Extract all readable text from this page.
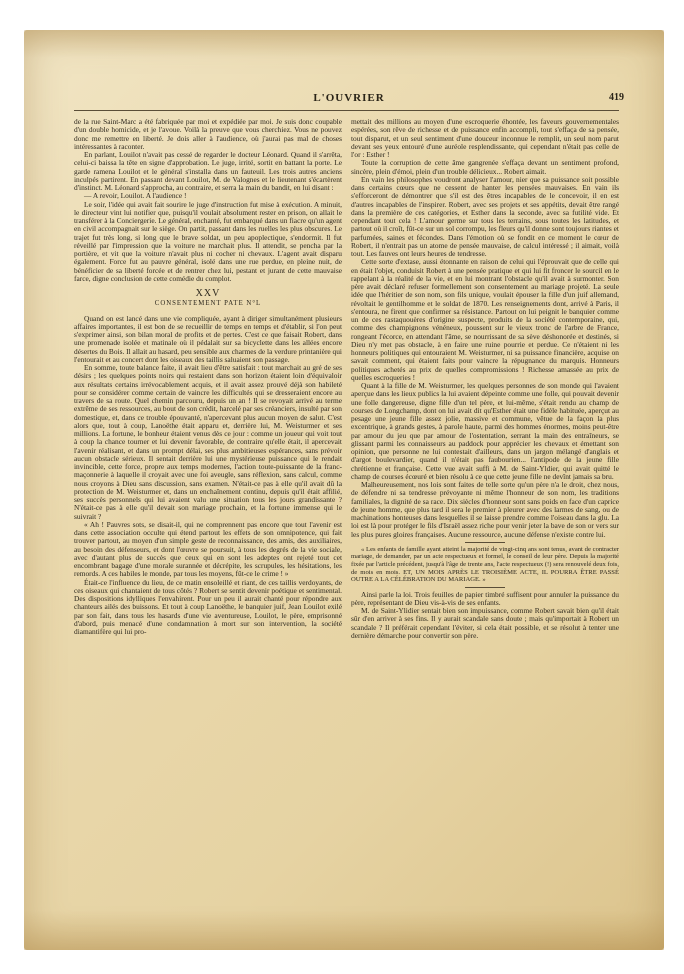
L'OUVRIER	419

de la rue Saint-Marc a été fabriquée par moi et expédiée par moi. Je suis donc coupable d'un double homicide, et je l'avoue. Voilà la preuve que vous cherchiez. Vous ne pouvez donc me remettre en liberté. Je dois aller à l'audience, où j'aurai pas mal de choses intéressantes à raconter.

En parlant, Louilot n'avait pas cessé de regarder le docteur Léonard. Quand il s'arrêta, celui-ci baissa la tête en signe d'approbation. Le juge, irrité, sortit en battant la porte. Le garde ramena Louilot et le général s'installa dans un fauteuil. Les trois autres anciens inculpés partirent. En passant devant Louilot, M. de Valognes et le lieutenant s'écartèrent d'instinct. M. Léonard s'approcha, au contraire, et serra la main du bandit, en lui disant :

— A revoir, Louilot. A l'audience !

Le soir, l'idée qui avait fait sourire le juge d'instruction fut mise à exécution. A minuit, le directeur vint lui notifier que, puisqu'il voulait absolument rester en prison, on allait le transférer à la Conciergerie. Le général, enchanté, fut embarqué dans un fiacre qu'un agent en civil accompagnait sur le siège. On partit, passant dans les ruelles les plus obscures. Le trajet fut très long, si long que le brave soldat, un peu apoplectique, s'endormit. Il fut réveillé par l'impression que la voiture ne marchait plus. Il attendit, se pencha par la portière, et vit que la voiture n'avait plus ni cocher ni chevaux. L'agent avait disparu également. Force fut au pauvre général, isolé dans une rue perdue, en pleine nuit, de bénéficier de sa liberté forcée et de rentrer chez lui, pestant et jurant de cette mauvaise farce, digne conclusion de cette comédie du complot.

XXV
CONSENTEMENT PATE N°L

Quand on est lancé dans une vie compliquée, ayant à diriger simultanément plusieurs affaires importantes, il est bon de se recueillir de temps en temps et d'établir, si l'on peut s'exprimer ainsi, son bilan moral de profits et de pertes. C'est ce que faisait Robert, dans une promenade isolée et matinale où il pédalait sur sa bicyclette dans les allées encore désertes du Bois. Il allait au hasard, peu sensible aux charmes de la verdure printanière qui l'entourait et au concert dont les oiseaux des taillis saluaient son passage.

En somme, toute balance faite, il avait lieu d'être satisfait : tout marchait au gré de ses désirs ; les quelques points noirs qui restaient dans son horizon étaient loin d'équivaloir aux résultats certains irrévocablement acquis, et il avait assez prouvé déjà son habileté pour se considérer comme certain de vaincre les difficultés qui se dresseraient encore au travers de sa route. Quel chemin parcouru, depuis un an ! Il se revoyait arrivé au terme extrême de ses ressources, au bout de son crédit, harcelé par ses créanciers, insulté par son domestique, et, dans ce trouble épouvanté, n'apercevant plus aucun moyen de salut. C'est alors que, tout à coup, Lanoëthe était apparu et, derrière lui, M. Weisturmer et ses millions. La fortune, le bonheur étaient venus dès ce jour : comme un joueur qui voit tout à coup la chance tourner et lui devenir favorable, de contraire qu'elle était, il apercevait l'avenir réalisant, et dans un prompt délai, ses plus ambitieuses espérances, sans prévoir aucun obstacle sérieux. Il sentait derrière lui une mystérieuse puissance qui le rendait invincible, cette force, propre aux temps modernes, l'action toute-puissante de la franc-maçonnerie à laquelle il croyait avec une foi aveugle, sans réflexion, sans calcul, comme nous croyons à Dieu sans discussion, sans examen. N'était-ce pas à elle qu'il avait dû la protection de M. Weisturmer et, dans un enchaînement continu, depuis qu'il était affilié, ses succès personnels qui lui avaient valu une situation tous les jours grandissante ? N'était-ce pas à elle qu'il devait son mariage prochain, et la fortune immense qui le suivrait ?

« Ah ! Pauvres sots, se disait-il, qui ne comprennent pas encore que tout l'avenir est dans cette association occulte qui étend partout les effets de son omnipotence, qui fait trouver partout, au moyen d'un simple geste de reconnaissance, des amis, des auxiliaires, au besoin des défenseurs, et dont l'œuvre se poursuit, à tous les degrés de la vie sociale, avec d'autant plus de succès que ceux qui en sont les adeptes ont rejeté tout cet encombrant bagage d'une morale surannée et décrépite, les scrupules, les hésitations, les remords. A ces habiles le monde, par tous les moyens, fût-ce le crime ! »

Était-ce l'influence du lieu, de ce matin ensoleillé et riant, de ces taillis verdoyants, de ces oiseaux qui chantaient de tous côtés ? Robert se sentit devenir poétique et sentimental. Des dispositions idylliques l'envahirent. Pour un peu il aurait chanté pour répondre aux chanteurs ailés des buissons. Et tout à coup Lanoëthe, le banquier juif, Jean Louilot exilé par son fait, dans tous les hasards d'une vie aventureuse, Louilot, le père, emprisonné d'abord, puis menacé d'une condamnation à mort sur son intervention, la société diamantifère qui lui pro-

mettait des millions au moyen d'une escroquerie éhontée, les faveurs gouvernementales espérées, son rêve de richesse et de puissance enfin accompli, tout s'effaça de sa pensée, tout disparut, et un seul sentiment d'une douceur inconnue le remplit, un seul nom parut devant ses yeux entouré d'une auréole resplendissante, qui cependant n'était pas celle de l'or : Esther !

Toute la corruption de cette âme gangrenée s'effaça devant un sentiment profond, sincère, plein d'émoi, plein d'un trouble délicieux... Robert aimait.

En vain les philosophes voudront analyser l'amour, nier que sa puissance soit possible dans certains cœurs que ne cessent de hanter les pensées mauvaises. En vain ils s'efforceront de démontrer que s'il est des êtres incapables de le concevoir, il en est d'autres incapables de l'inspirer. Robert, avec ses projets et ses appétits, devait être rangé dans la première de ces catégories, et Esther dans la seconde, avec sa futilité vide. Et cependant tout cela ! L'amour germe sur tous les terrains, sous toutes les latitudes, et partout où il croît, fût-ce sur un sol corrompu, les fleurs qu'il donne sont toujours riantes et parfumées, saines et fécondes. Dans l'émotion où se fondit en ce moment le cœur de Robert, il n'entrait pas un atome de pensée mauvaise, de calcul intéressé ; il aimait, voilà tout. Les fauves ont leurs heures de tendresse.

Cette sorte d'extase, aussi étonnante en raison de celui qui l'éprouvait que de celle qui en était l'objet, conduisit Robert à une pensée pratique et qui lui fit froncer le sourcil en le rappelant à la réalité de la vie, et en lui montrant l'obstacle qu'il avait à surmonter. Son père avait déclaré refuser formellement son consentement au mariage projeté. La seule idée que l'héritier de son nom, son fils unique, voulait épouser la fille d'un juif allemand, révoltait le gentilhomme et le soldat de 1870. Les renseignements dont, arrivé à Paris, il s'entoura, ne firent que confirmer sa résistance. Partout on lui peignit le banquier comme un de ces rastaquouères d'origine suspecte, produits de la société contemporaine, qui, comme des champignons vénéneux, poussent sur le vieux tronc de l'arbre de France, rongeant l'écorce, en attendant l'âme, se nourrissant de sa sève déshonorée et destinés, si Dieu n'y met pas obstacle, à en faire une ruine pourrie et perdue. Ce n'étaient ni les honneurs politiques qui entouraient M. Weisturmer, ni sa puissance financière, acquise on savait comment, qui étaient faits pour vaincre la répugnance du marquis. Honneurs politiques achetés au prix de quelles compromissions ! Richesse amassée au prix de quelles escroqueries !

Quant à la fille de M. Weisturmer, les quelques personnes de son monde qui l'avaient aperçue dans les lieux publics la lui avaient dépeinte comme une folle, qui pouvait devenir une folle dangereuse, digne fille d'un tel père, et lui-même, s'était rendu au champ de courses de Longchamp, dont on lui avait dit qu'Esther était une fidèle habituée, aperçut au pesage une jeune fille assez jolie, massive et commune, vêtue de la façon la plus excentrique, à grands gestes, à parole haute, parmi des hommes énormes, moins peut-être par amour du jeu que par amour de l'ostentation, serrant la main des entraîneurs, se glissant parmi les connaisseurs au paddock pour apprécier les chevaux et émettant son opinion, que personne ne lui contestait d'ailleurs, dans un jargon mélangé d'anglais et d'argot boulevardier, quand il n'était pas faubourien... l'antipode de la jeune fille chrétienne et française. Cette vue avait suffi à M. de Saint-Yldier, qui avait quitté le champ de courses écœuré et bien résolu à ce que cette jeune fille ne devînt jamais sa bru.

Malheureusement, nos lois sont faites de telle sorte qu'un père n'a le droit, chez nous, de défendre ni sa tendresse prévoyante ni même l'honneur de son nom, les traditions familiales, la dignité de sa race. Dix siècles d'honneur sont sans poids en face d'un caprice de jeune homme, que plus tard il sera le premier à pleurer avec des larmes de sang, ou de machinations honteuses dans lesquelles il se laisse prendre comme l'oiseau dans la glu. La loi est là pour protéger le fils d'Israël assez riche pour venir jeter la bave de son or vers sur les plus pures gloires françaises. Aucune ressource, aucune défense n'existe contre lui.

« Les enfants de famille ayant atteint la majorité de vingt-cinq ans sont tenus, avant de contracter mariage, de demander, par un acte respectueux et formel, le conseil de leur père. Depuis la majorité fixée par l'article précédent, jusqu'à l'âge de trente ans, l'acte respectueux (!) sera renouvelé deux fois, de mois en mois. ET, UN MOIS APRÈS LE TROISIÈME ACTE, IL POURRA ÊTRE PASSÉ OUTRE A LA CÉLÉBRATION DU MARIAGE. »

Ainsi parle la loi. Trois feuilles de papier timbré suffisent pour annuler la puissance du père, représentant de Dieu vis-à-vis de ses enfants.

M. de Saint-Ylidier sentait bien son impuissance, comme Robert savait bien qu'il était sûr d'en arriver à ses fins. Il y aurait scandale sans doute ; mais qu'importait à Robert un scandale ? Il préférait cependant l'éviter, si cela était possible, et se résolut à tenter une dernière démarche pour convertir son père.
